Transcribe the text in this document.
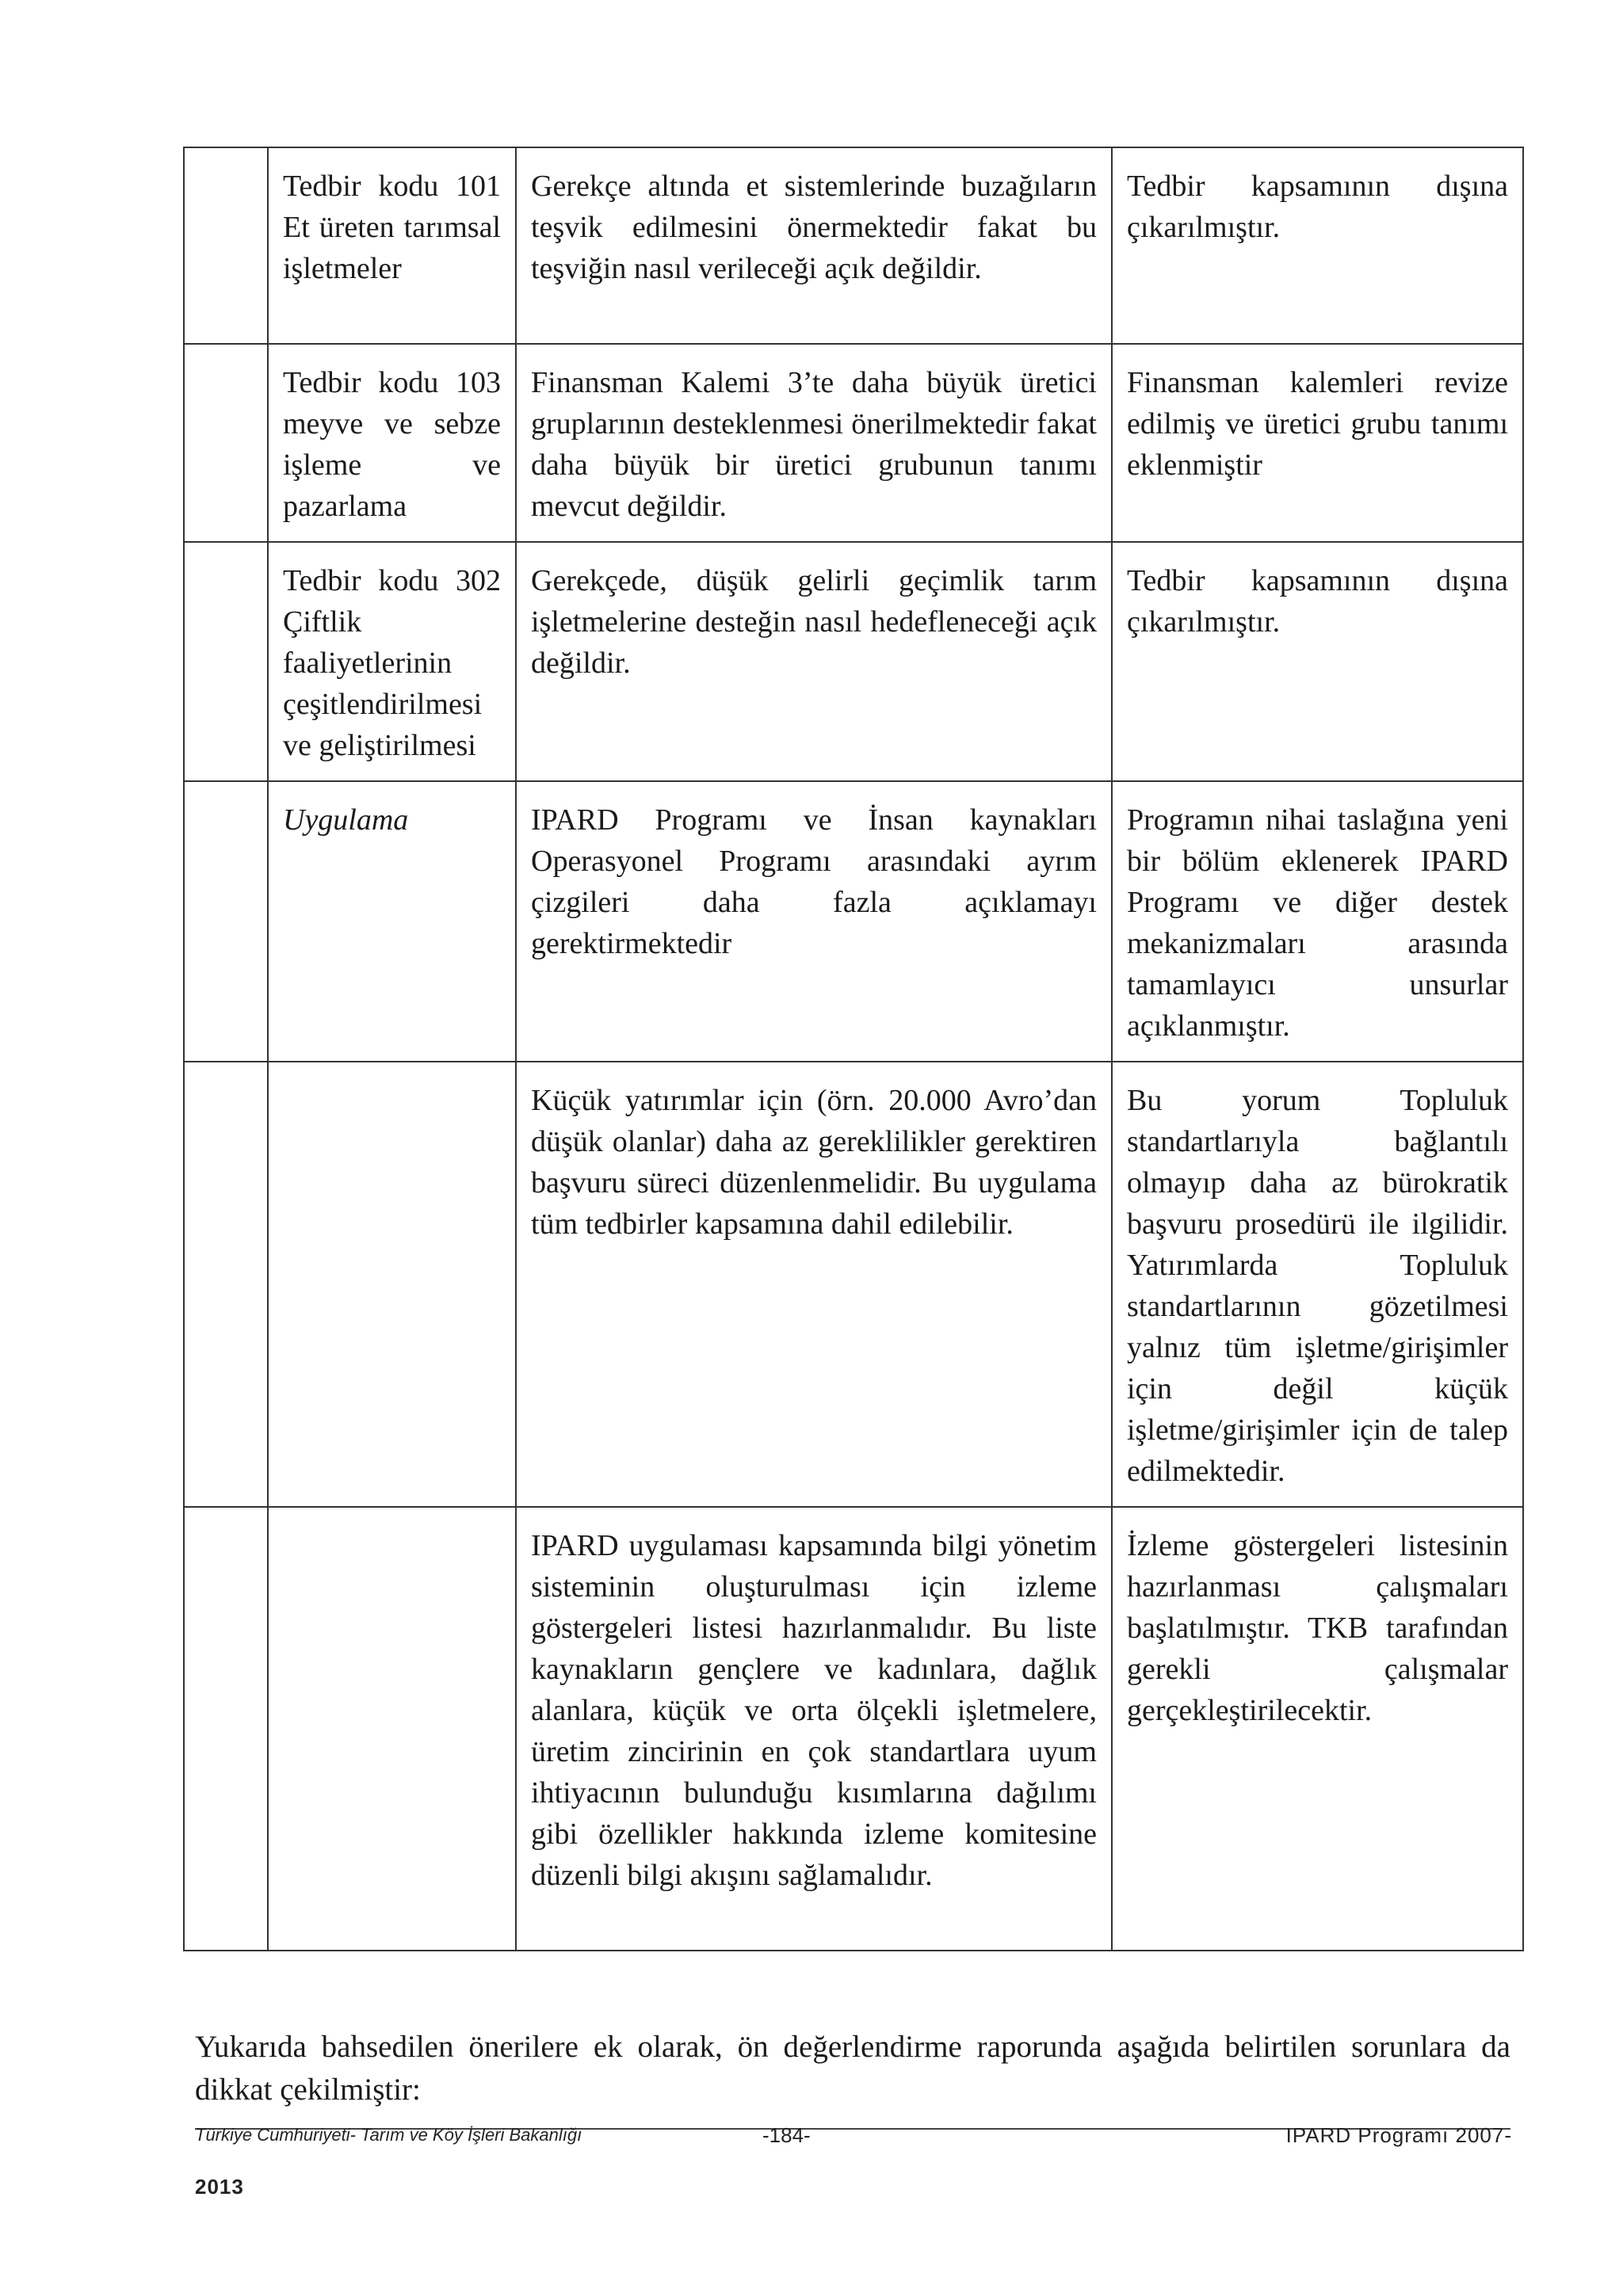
	Tedbir kodu 101 Et üreten tarımsal işletmeler	Gerekçe altında et sistemlerinde buzağıların teşvik edilmesini önermektedir fakat bu teşviğin nasıl verileceği açık değildir.	Tedbir kapsamının dışına çıkarılmıştır.

	Tedbir kodu 103 meyve ve sebze işleme ve pazarlama	Finansman Kalemi 3’te daha büyük üretici gruplarının desteklenmesi önerilmektedir fakat daha büyük bir üretici grubunun tanımı mevcut değildir.	Finansman kalemleri revize edilmiş ve üretici grubu tanımı eklenmiştir

	Tedbir kodu 302 Çiftlik faaliyetlerinin çeşitlendirilmesi ve geliştirilmesi	Gerekçede, düşük gelirli geçimlik tarım işletmelerine desteğin nasıl hedefleneceği açık değildir.	Tedbir kapsamının dışına çıkarılmıştır.

	Uygulama	IPARD Programı ve İnsan kaynakları Operasyonel Programı arasındaki ayrım çizgileri daha fazla açıklamayı gerektirmektedir	Programın nihai taslağına yeni bir bölüm eklenerek IPARD Programı ve diğer destek mekanizmaları arasında tamamlayıcı unsurlar açıklanmıştır.

		Küçük yatırımlar için (örn. 20.000 Avro’dan düşük olanlar) daha az gereklilikler gerektiren başvuru süreci düzenlenmelidir. Bu uygulama tüm tedbirler kapsamına dahil edilebilir.	Bu yorum Topluluk standartlarıyla bağlantılı olmayıp daha az bürokratik başvuru prosedürü ile ilgilidir. Yatırımlarda Topluluk standartlarının gözetilmesi yalnız tüm işletme/girişimler için değil küçük işletme/girişimler için de talep edilmektedir.

		IPARD uygulaması kapsamında bilgi yönetim sisteminin oluşturulması için izleme göstergeleri listesi hazırlanmalıdır. Bu liste kaynakların gençlere ve kadınlara, dağlık alanlara, küçük ve orta ölçekli işletmelere, üretim zincirinin en çok standartlara uyum ihtiyacının bulunduğu kısımlarına dağılımı gibi özellikler hakkında izleme komitesine düzenli bilgi akışını sağlamalıdır.	İzleme göstergeleri listesinin hazırlanması çalışmaları başlatılmıştır. TKB tarafından gerekli çalışmalar gerçekleştirilecektir.
Yukarıda bahsedilen önerilere ek olarak, ön değerlendirme raporunda aşağıda belirtilen sorunlara da dikkat çekilmiştir:
Türkiye Cumhuriyeti- Tarım ve Köy İşleri Bakanlığı	-184-	IPARD Programı 2007-
2013
